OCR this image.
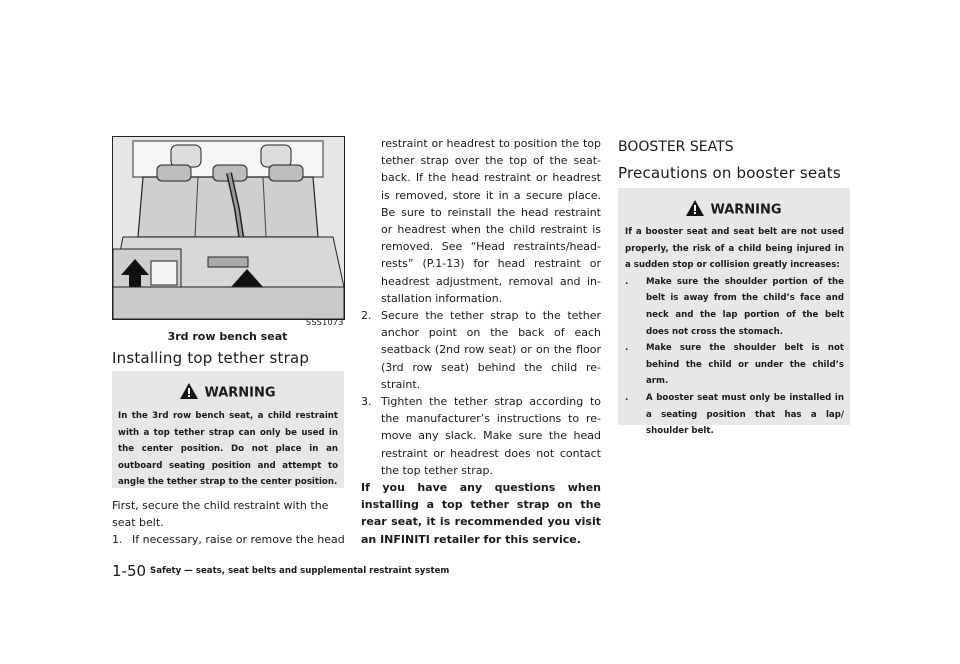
SSS1073
3rd row bench seat
Installing top tether strap
WARNING
In the 3rd row bench seat, a child restraint with a top tether strap can only be used in the center position. Do not place in an outboard seating position and attempt to angle the tether strap to the center position.
First, secure the child restraint with the seat belt.
1. If necessary, raise or remove the head
restraint or headrest to position the top tether strap over the top of the seat-back. If the head restraint or headrest is removed, store it in a secure place. Be sure to reinstall the head restraint or headrest when the child restraint is removed. See “Head restraints/head-rests” (P.1-13) for head restraint or headrest adjustment, removal and in-stallation information.
2. Secure the tether strap to the tether anchor point on the back of each seatback (2nd row seat) or on the floor (3rd row seat) behind the child re-straint.
3. Tighten the tether strap according to the manufacturer’s instructions to re-move any slack. Make sure the head restraint or headrest does not contact the top tether strap.
If you have any questions when installing a top tether strap on the rear seat, it is recommended you visit an INFINITI retailer for this service.
BOOSTER SEATS
Precautions on booster seats
WARNING
If a booster seat and seat belt are not used properly, the risk of a child being injured in a sudden stop or collision greatly increases:
. Make sure the shoulder portion of the belt is away from the child’s face and neck and the lap portion of the belt does not cross the stomach.
. Make sure the shoulder belt is not behind the child or under the child’s arm.
. A booster seat must only be installed in a seating position that has a lap/ shoulder belt.
1-50 Safety — seats, seat belts and supplemental restraint system
